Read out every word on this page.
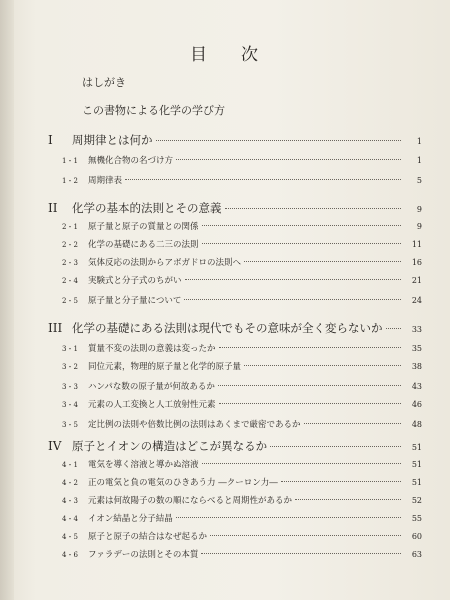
目 次
はしがき
この書物による化学の学び方
I	周期律とは何か	1
1・1	無機化合物の名づけ方	1
1・2	周期律表	5
II	化学の基本的法則とその意義	9
2・1	原子量と原子の質量との関係	9
2・2	化学の基礎にある二三の法則	11
2・3	気体反応の法則からアボガドロの法則へ	16
2・4	実験式と分子式のちがい	21
2・5	原子量と分子量について	24
III 化学の基礎にある法則は現代でもその意味が全く変らないか	33
3・1	質量不変の法則の意義は変ったか	35
3・2	同位元素，物理的原子量と化学的原子量	38
3・3	ハンパな数の原子量が何故あるか	43
3・4	元素の人工変換と人工放射性元素	46
3・5	定比例の法則や倍数比例の法則はあくまで厳密であるか	48
IV 原子とイオンの構造はどこが異なるか	51
4・1	電気を導く溶液と導かぬ溶液	51
4・2	正の電気と負の電気のひきあう力 ―クーロン力―	51
4・3	元素は何故陽子の数の順にならべると周期性があるか	52
4・4	イオン結晶と分子結晶	55
4・5	原子と原子の結合はなぜ起るか	60
4・6	ファラデーの法則とその本質	63
